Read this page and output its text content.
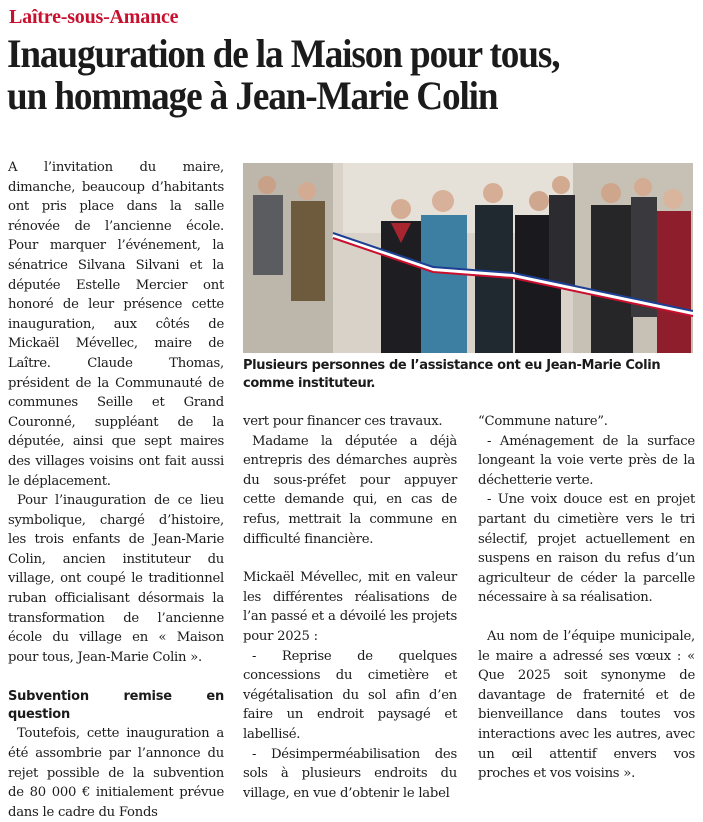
Laître-sous-Amance
Inauguration de la Maison pour tous,
un hommage à Jean-Marie Colin

A l’invitation du maire, dimanche, beaucoup d’habitants ont pris place dans la salle rénovée de l’ancienne école. Pour marquer l’événement, la sénatrice Silvana Silvani et la députée Estelle Mercier ont honoré de leur présence cette inauguration, aux côtés de Mickaël Mévellec, maire de Laître. Claude Thomas, président de la Communauté de communes Seille et Grand Couronné, suppléant de la députée, ainsi que sept maires des villages voisins ont fait aussi le déplacement.

Pour l’inauguration de ce lieu symbolique, chargé d’histoire, les trois enfants de Jean-Marie Colin, ancien instituteur du village, ont coupé le traditionnel ruban officialisant désormais la transformation de l’ancienne école du village en « Maison pour tous, Jean-Marie Colin ».

Subvention remise en question

Toutefois, cette inauguration a été assombrie par l’annonce du rejet possible de la subvention de 80 000 € initialement prévue dans le cadre du Fonds

Plusieurs personnes de l’assistance ont eu Jean-Marie Colin comme instituteur.

vert pour financer ces travaux.

Madame la députée a déjà entrepris des démarches auprès du sous-préfet pour appuyer cette demande qui, en cas de refus, mettrait la commune en difficulté financière.

Mickaël Mévellec, mit en valeur les différentes réalisations de l’an passé et a dévoilé les projets pour 2025 :

- Reprise de quelques concessions du cimetière et végétalisation du sol afin d’en faire un endroit paysagé et labellisé.

- Désimperméabilisation des sols à plusieurs endroits du village, en vue d’obtenir le label

“Commune nature”.

- Aménagement de la surface longeant la voie verte près de la déchetterie verte.

- Une voix douce est en projet partant du cimetière vers le tri sélectif, projet actuellement en suspens en raison du refus d’un agriculteur de céder la parcelle nécessaire à sa réalisation.

Au nom de l’équipe municipale, le maire a adressé ses vœux : « Que 2025 soit synonyme de davantage de fraternité et de bienveillance dans toutes vos interactions avec les autres, avec un œil attentif envers vos proches et vos voisins ».
